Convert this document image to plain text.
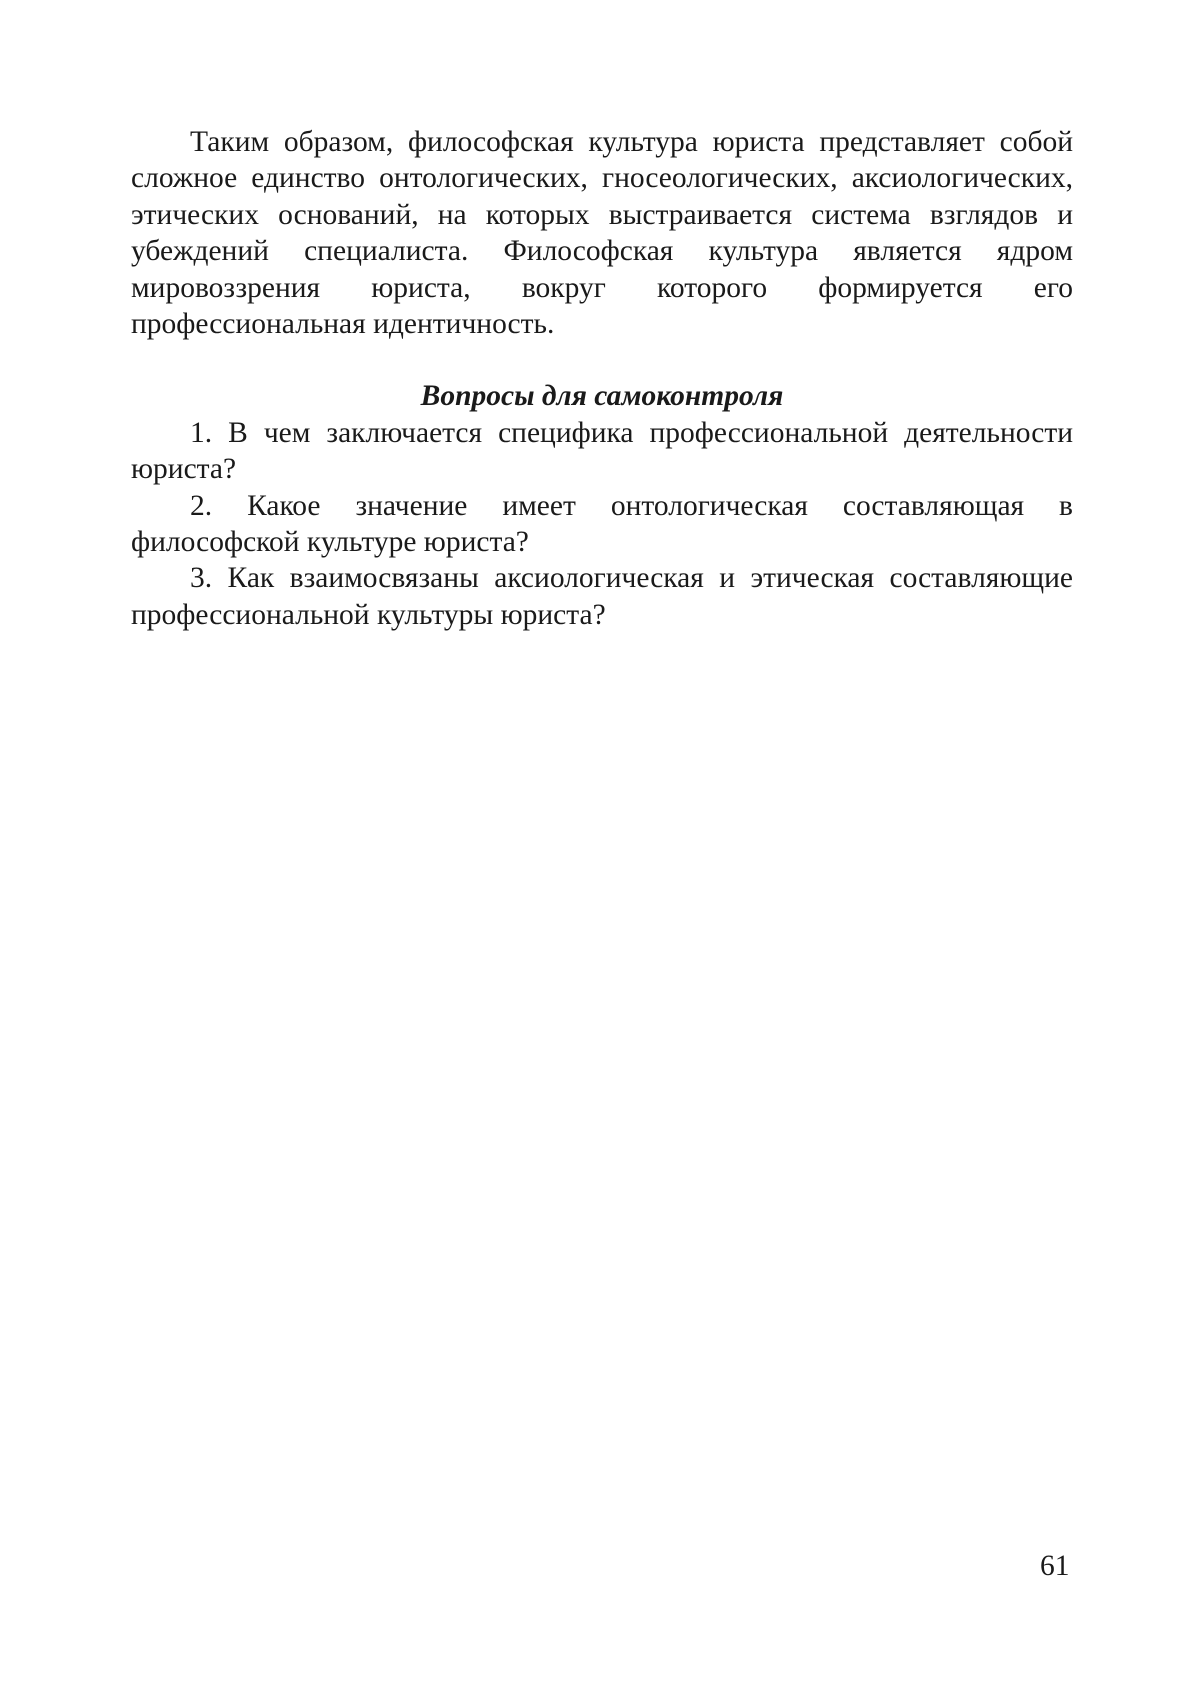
Таким образом, философская культура юриста представляет собой сложное единство онтологических, гносеологических, аксиологических, этических оснований, на которых выстраивается система взглядов и убеждений специалиста. Философская культура является ядром мировоззрения юриста, вокруг которого формируется его профессиональная идентичность.

Вопросы для самоконтроля
1. В чем заключается специфика профессиональной деятельности юриста?
2. Какое значение имеет онтологическая составляющая в философской культуре юриста?
3. Как взаимосвязаны аксиологическая и этическая составляющие профессиональной культуры юриста?
61
